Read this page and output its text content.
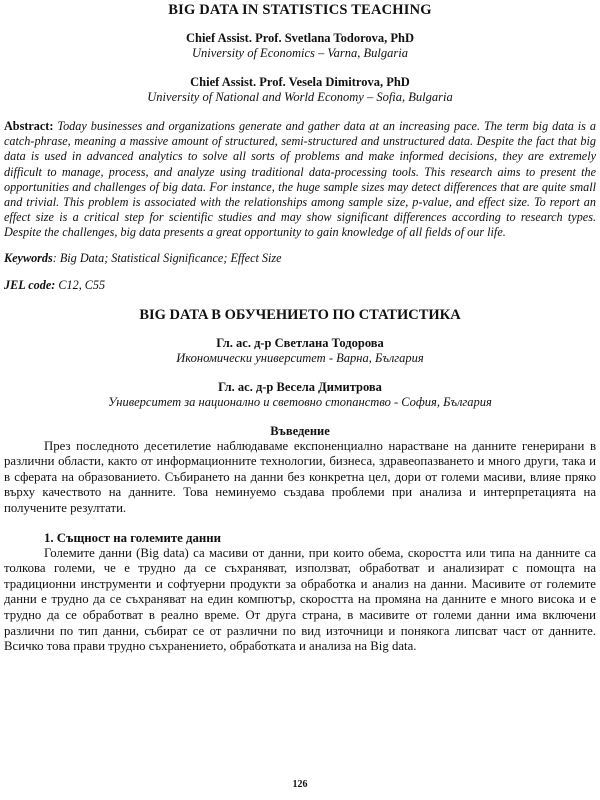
BIG DATA IN STATISTICS TEACHING

Chief Assist. Prof. Svetlana Todorova, PhD

University of Economics – Varna, Bulgaria

Chief Assist. Prof. Vesela Dimitrova, PhD

University of National and World Economy – Sofia, Bulgaria

Abstract: Today businesses and organizations generate and gather data at an increasing pace. The term big data is a catch-phrase, meaning a massive amount of structured, semi-structured and unstructured data. Despite the fact that big data is used in advanced analytics to solve all sorts of problems and make informed decisions, they are extremely difficult to manage, process, and analyze using traditional data-processing tools. This research aims to present the opportunities and challenges of big data. For instance, the huge sample sizes may detect differences that are quite small and trivial. This problem is associated with the relationships among sample size, p-value, and effect size. To report an effect size is a critical step for scientific studies and may show significant differences according to research types. Despite the challenges, big data presents a great opportunity to gain knowledge of all fields of our life.

Keywords: Big Data; Statistical Significance; Effect Size

JEL code: C12, C55

BIG DATA В ОБУЧЕНИЕТО ПО СТАТИСТИКА

Гл. ас. д-р Светлана Тодорова

Икономически университет - Варна, България

Гл. ас. д-р Весела Димитрова

Университет за национално и световно стопанство - София, България

Въведение

През последното десетилетие наблюдаваме експоненциално нарастване на данните генерирани в различни области, както от информационните технологии, бизнеса, здравеопазването и много други, така и в сферата на образованието. Събирането на данни без конкретна цел, дори от големи масиви, влияе пряко върху качеството на данните. Това неминуемо създава проблеми при анализа и интерпретацията на получените резултати.

1. Същност на големите данни

Големите данни (Big data) са масиви от данни, при които обема, скоростта или типа на данните са толкова големи, че е трудно да се съхраняват, използват, обработват и анализират с помощта на традиционни инструменти и софтуерни продукти за обработка и анализ на данни. Масивите от големите данни е трудно да се съхраняват на един компютър, скоростта на промяна на данните е много висока и е трудно да се обработват в реално време. От друга страна, в масивите от големи данни има включени различни по тип данни, събират се от различни по вид източници и понякога липсват част от данните. Всичко това прави трудно съхранението, обработката и анализа на Big data.

126
